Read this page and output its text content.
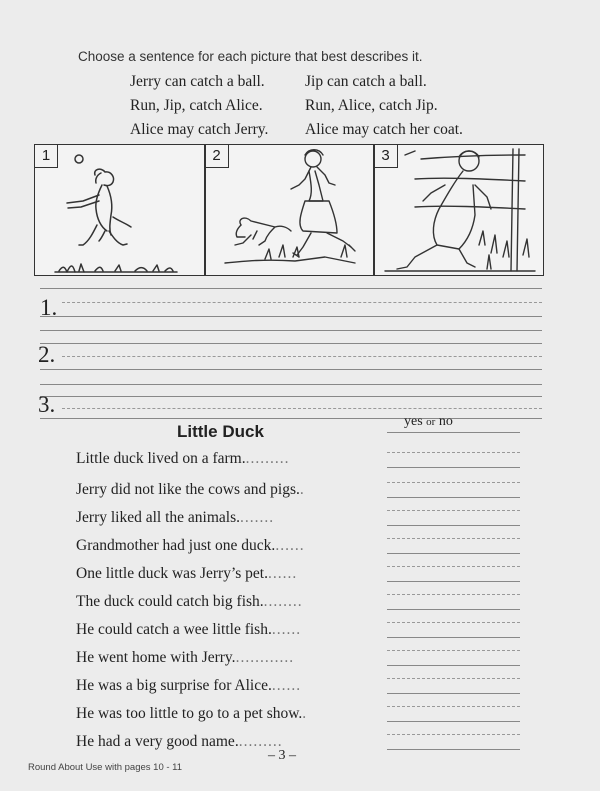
Choose a sentence for each picture that best describes it.
Jerry can catch a ball.	Jip can catch a ball.
Run, Jip, catch Alice.	Run, Alice, catch Jip.
Alice may catch Jerry. Alice may catch her coat.
1	2	3
1.
2.
3.
Little Duck
yes or no
Little duck lived on a farm..........
Jerry did not like the cows and pigs..
Jerry liked all the animals........
Grandmother had just one duck.......
One little duck was Jerry’s pet.......
The duck could catch big fish.........
He could catch a wee little fish.......
He went home with Jerry.............
He was a big surprise for Alice.......
He was too little to go to a pet show..
He had a very good name..........
– 3 –
Round About Use with pages 10 - 11
